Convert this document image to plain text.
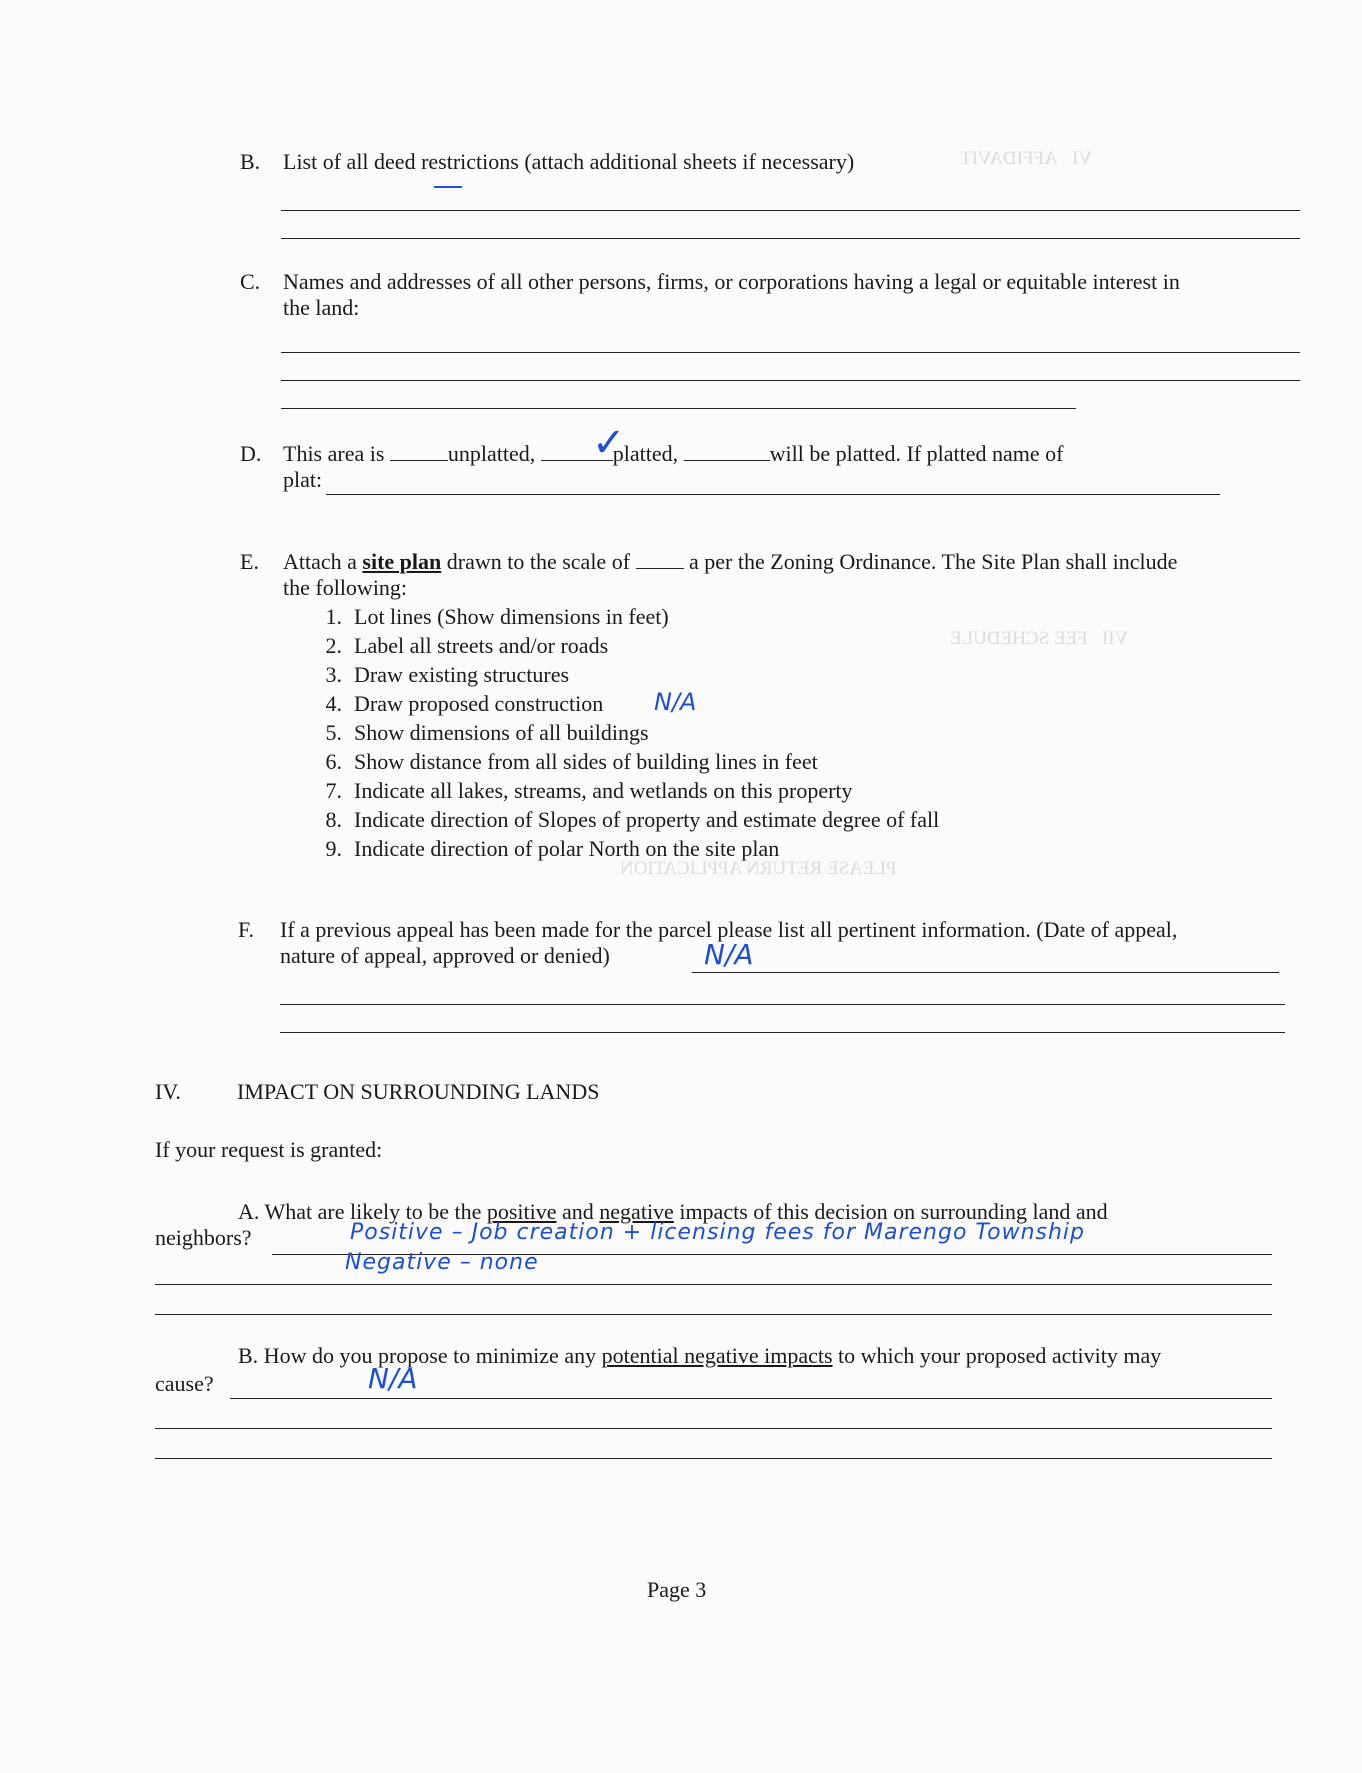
VI   AFFIDAVIT
VII   FEE SCHEDULE
PLEASE RETURN APPLICATION
B. List of all deed restrictions (attach additional sheets if necessary)
C. Names and addresses of all other persons, firms, or corporations having a legal or equitable interest in
the land:
D. This area is	unplatted,	platted,	will be platted. If platted name of
✓
plat:
E. Attach a site plan drawn to the scale of	a per the Zoning Ordinance. The Site Plan shall include
the following:
1. Lot lines (Show dimensions in feet)
2. Label all streets and/or roads
3. Draw existing structures
4. Draw proposed construction
5. Show dimensions of all buildings
6. Show distance from all sides of building lines in feet
7. Indicate all lakes, streams, and wetlands on this property
8. Indicate direction of Slopes of property and estimate degree of fall
9. Indicate direction of polar North on the site plan
N/A
F. If a previous appeal has been made for the parcel please list all pertinent information. (Date of appeal,
nature of appeal, approved or denied)	N/A
IV.	IMPACT ON SURROUNDING LANDS
If your request is granted:
A. What are likely to be the positive and negative impacts of this decision on surrounding land and
neighbors?	Positive – Job creation + licensing fees for Marengo Township
Negative – none
B. How do you propose to minimize any potential negative impacts to which your proposed activity may
cause?	N/A
Page 3
